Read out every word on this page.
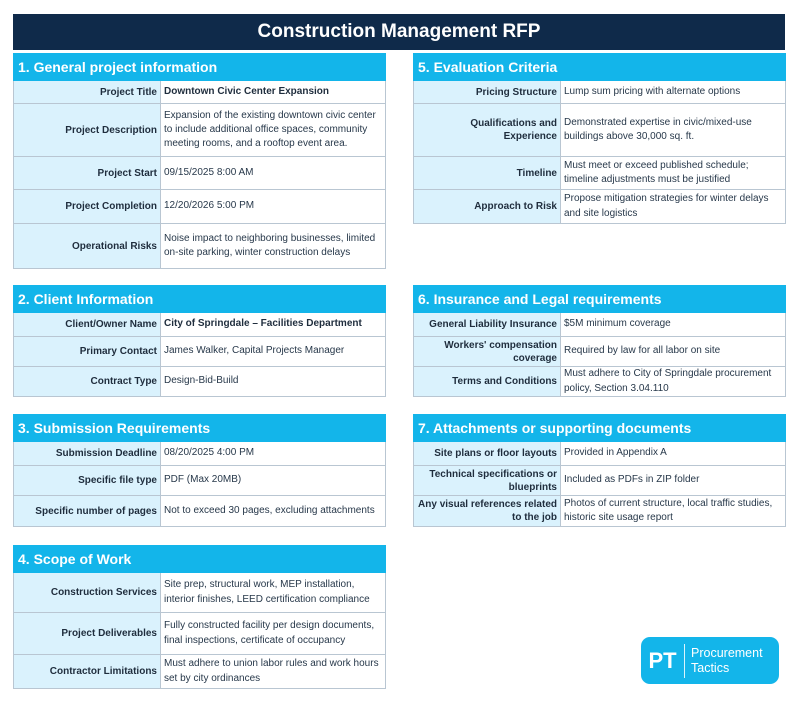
Construction Management RFP
1. General project information
Project Title Downtown Civic Center Expansion
Project Description
Expansion of the existing downtown civic center to include additional office spaces, community meeting rooms, and a rooftop event area.
Project Start 09/15/2025 8:00 AM
Project Completion 12/20/2026 5:00 PM
Operational Risks
Noise impact to neighboring businesses, limited on-site parking, winter construction delays
2. Client Information
Client/Owner Name City of Springdale – Facilities Department
Primary Contact James Walker, Capital Projects Manager
Contract Type Design-Bid-Build
3. Submission Requirements
Submission Deadline 08/20/2025 4:00 PM
Specific file type PDF (Max 20MB)
Specific number of pages Not to exceed 30 pages, excluding attachments
4. Scope of Work
Construction Services
Site prep, structural work, MEP installation, interior finishes, LEED certification compliance
Project Deliverables
Fully constructed facility per design documents, final inspections, certificate of occupancy
Contractor Limitations
Must adhere to union labor rules and work hours set by city ordinances
5. Evaluation Criteria
Pricing Structure Lump sum pricing with alternate options
Qualifications and Experience
Demonstrated expertise in civic/mixed-use buildings above 30,000 sq. ft.
Timeline
Must meet or exceed published schedule; timeline adjustments must be justified
Approach to Risk
Propose mitigation strategies for winter delays and site logistics
6. Insurance and Legal requirements
General Liability Insurance $5M minimum coverage
Workers' compensation coverage
Required by law for all labor on site
Terms and Conditions
Must adhere to City of Springdale procurement policy, Section 3.04.110
7. Attachments or supporting documents
Site plans or floor layouts Provided in Appendix A
Technical specifications or blueprints
Included as PDFs in ZIP folder
Any visual references related to the job
Photos of current structure, local traffic studies, historic site usage report
PT	Procurement
Tactics
